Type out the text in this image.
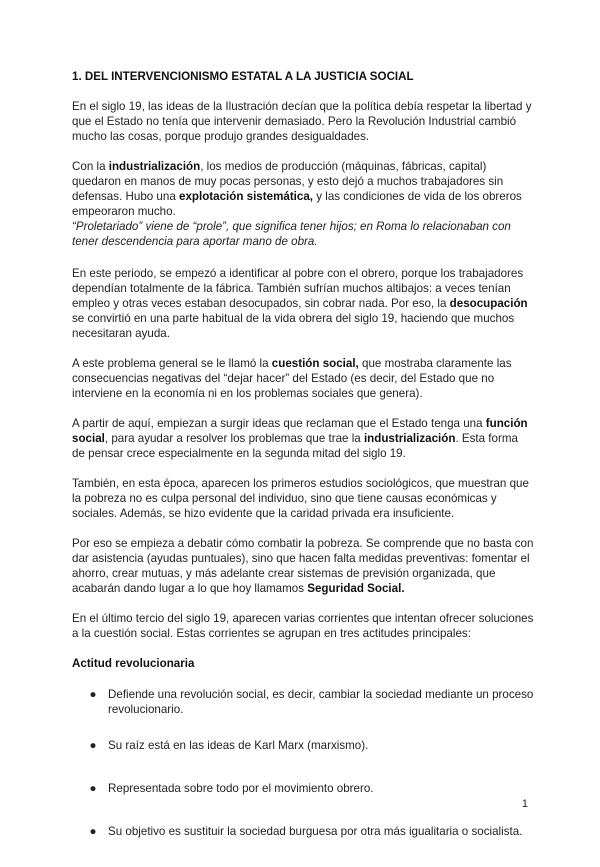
1. DEL INTERVENCIONISMO ESTATAL A LA JUSTICIA SOCIAL

En el siglo 19, las ideas de la Ilustración decían que la política debía respetar la libertad y que el Estado no tenía que intervenir demasiado. Pero la Revolución Industrial cambió mucho las cosas, porque produjo grandes desigualdades.

Con la industrialización, los medios de producción (máquinas, fábricas, capital) quedaron en manos de muy pocas personas, y esto dejó a muchos trabajadores sin defensas. Hubo una explotación sistemática, y las condiciones de vida de los obreros empeoraron mucho.

“Proletariado” viene de “prole”, que significa tener hijos; en Roma lo relacionaban con tener descendencia para aportar mano de obra.

En este periodo, se empezó a identificar al pobre con el obrero, porque los trabajadores dependían totalmente de la fábrica. También sufrían muchos altibajos: a veces tenían empleo y otras veces estaban desocupados, sin cobrar nada. Por eso, la desocupación se convirtió en una parte habitual de la vida obrera del siglo 19, haciendo que muchos necesitaran ayuda.

A este problema general se le llamó la cuestión social, que mostraba claramente las consecuencias negativas del “dejar hacer” del Estado (es decir, del Estado que no interviene en la economía ni en los problemas sociales que genera).

A partir de aquí, empiezan a surgir ideas que reclaman que el Estado tenga una función social, para ayudar a resolver los problemas que trae la industrialización. Esta forma de pensar crece especialmente en la segunda mitad del siglo 19.

También, en esta época, aparecen los primeros estudios sociológicos, que muestran que la pobreza no es culpa personal del individuo, sino que tiene causas económicas y sociales. Además, se hizo evidente que la caridad privada era insuficiente.

Por eso se empieza a debatir cómo combatir la pobreza. Se comprende que no basta con dar asistencia (ayudas puntuales), sino que hacen falta medidas preventivas: fomentar el ahorro, crear mutuas, y más adelante crear sistemas de previsión organizada, que acabarán dando lugar a lo que hoy llamamos Seguridad Social.

En el último tercio del siglo 19, aparecen varias corrientes que intentan ofrecer soluciones a la cuestión social. Estas corrientes se agrupan en tres actitudes principales:

Actitud revolucionaria
● Defiende una revolución social, es decir, cambiar la sociedad mediante un proceso revolucionario.
● Su raíz está en las ideas de Karl Marx (marxismo).
● Representada sobre todo por el movimiento obrero.
● Su objetivo es sustituir la sociedad burguesa por otra más igualitaria o socialista.
1
